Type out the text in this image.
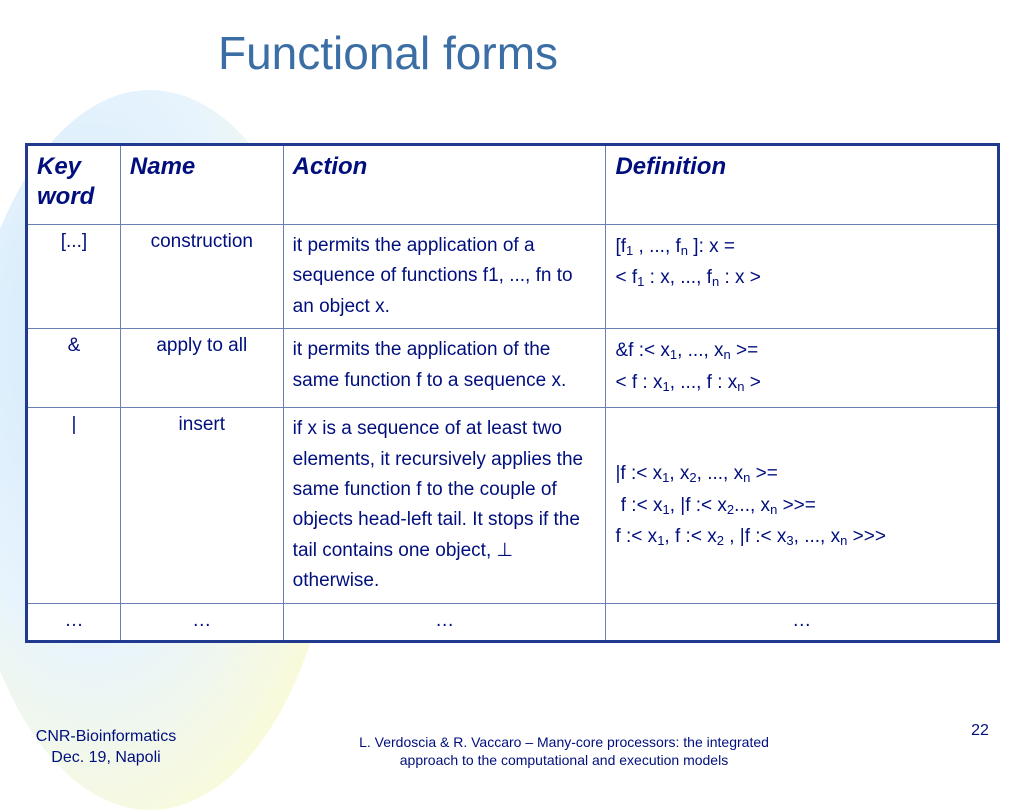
Functional forms
Key
word	Name	Action	Definition
[...]	construction	it permits the application of a sequence of functions f1, ..., fn to an object x.	[$f_1$ , ..., $f_n$ ]: x =
< $f_1$ : x, ..., $f_n$ : x >
&	apply to all	it permits the application of the same function f to a sequence x.	&f :< $x_1$, ..., $x_n$ >=
< f : $x_1$, ..., f : $x_n$ >
|	insert	if x is a sequence of at least two elements, it recursively applies the same function f to the couple of objects head-left tail. It stops if the tail contains one object, ⊥ otherwise.	|f :< $x_1$, $x_2$, ..., $x_n$ >=
f :< $x_1$, |f :< $x_2$..., $x_n$ >>=
f :< $x_1$, f :< $x_2$ , |f :< $x_3$, ..., $x_n$ >>>
…	…	…	…
CNR-Bioinformatics
Dec. 19, Napoli
L. Verdoscia & R. Vaccaro – Many-core processors: the integrated
approach to the computational and execution models
22
